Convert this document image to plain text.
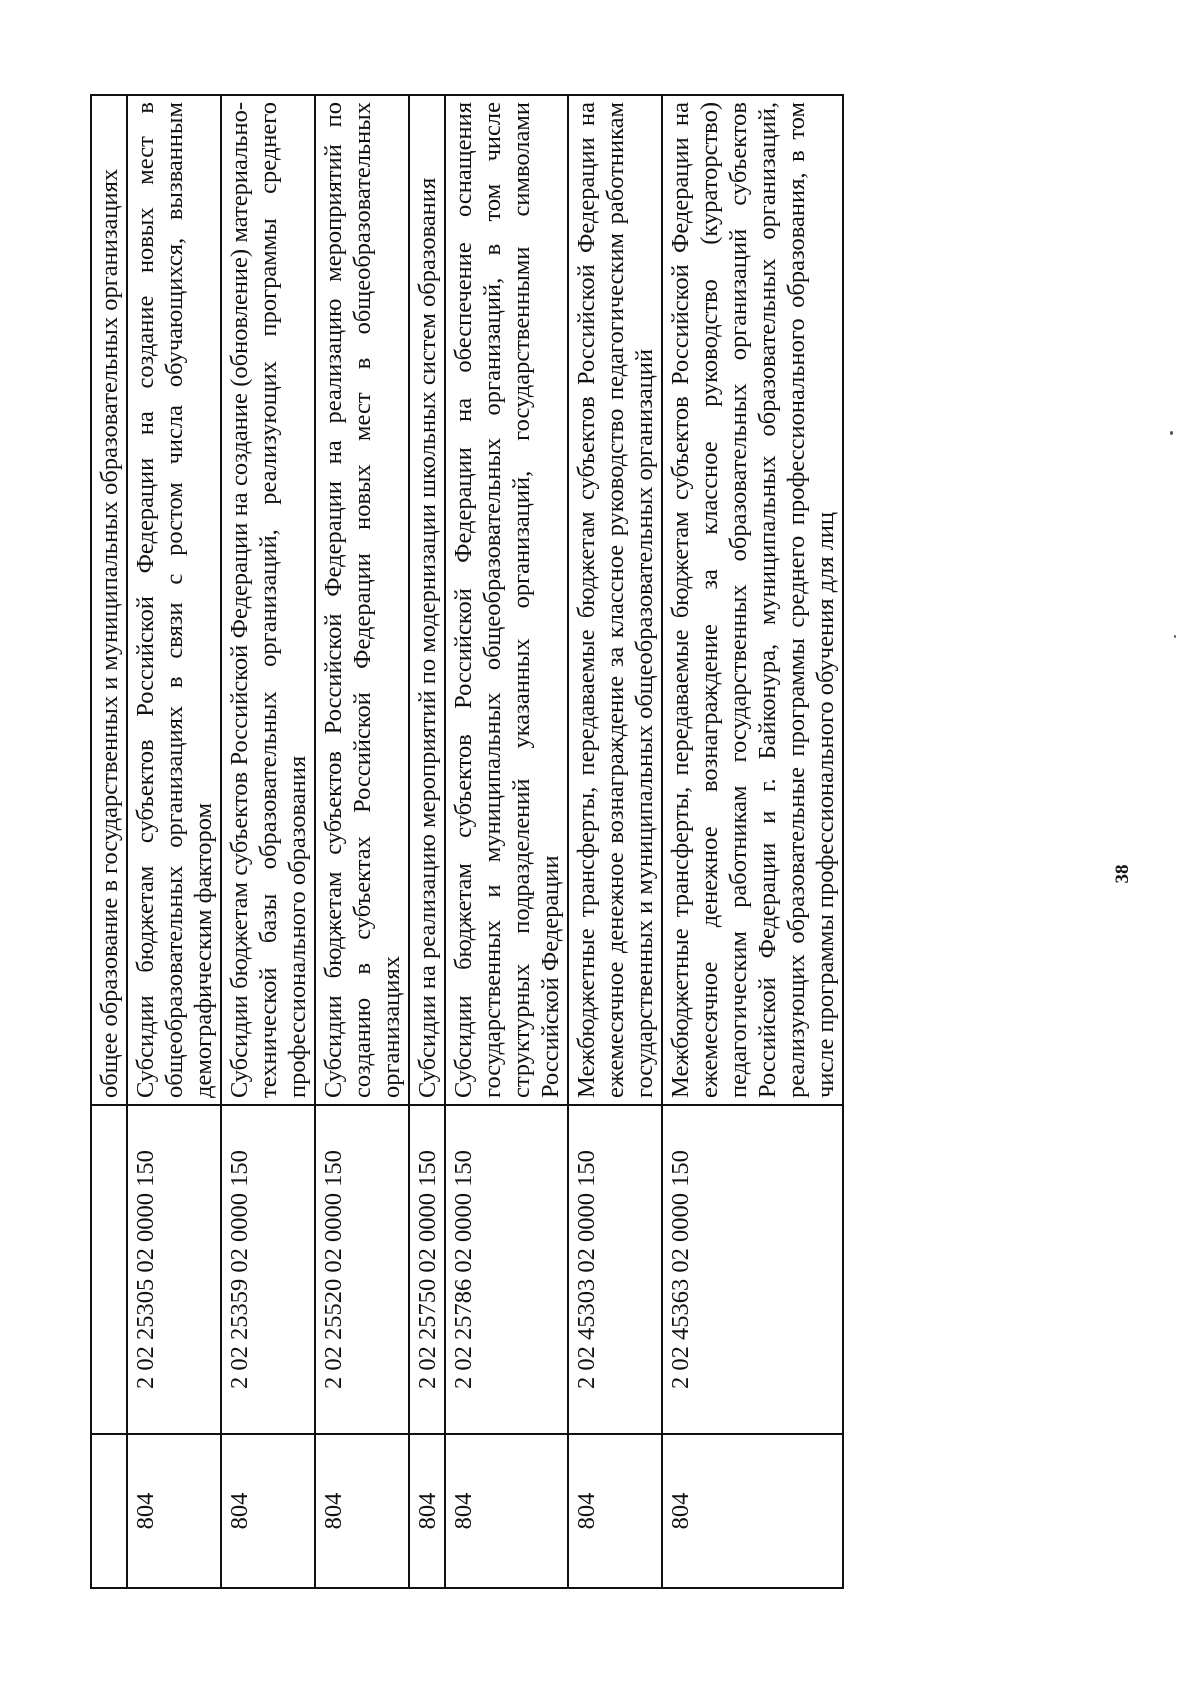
		общее образование в государственных и муниципальных образовательных организациях
804	2 02 25305 02 0000 150	Субсидии бюджетам субъектов Российской Федерации на создание новых мест в общеобразовательных организациях в связи с ростом числа обучающихся, вызванным демографическим фактором
804	2 02 25359 02 0000 150	Субсидии бюджетам субъектов Российской Федерации на создание (обновление) материально-технической базы образовательных организаций, реализующих программы среднего профессионального образования
804	2 02 25520 02 0000 150	Субсидии бюджетам субъектов Российской Федерации на реализацию мероприятий по созданию в субъектах Российской Федерации новых мест в общеобразовательных организациях
804	2 02 25750 02 0000 150	Субсидии на реализацию мероприятий по модернизации школьных систем образования
804	2 02 25786 02 0000 150	Субсидии бюджетам субъектов Российской Федерации на обеспечение оснащения государственных и муниципальных общеобразовательных организаций, в том числе структурных подразделений указанных организаций, государственными символами Российской Федерации
804	2 02 45303 02 0000 150	Межбюджетные трансферты, передаваемые бюджетам субъектов Российской Федерации на ежемесячное денежное вознаграждение за классное руководство педагогическим работникам государственных и муниципальных общеобразовательных организаций
804	2 02 45363 02 0000 150	Межбюджетные трансферты, передаваемые бюджетам субъектов Российской Федерации на ежемесячное денежное вознаграждение за классное руководство (кураторство) педагогическим работникам государственных образовательных организаций субъектов Российской Федерации и г. Байконура, муниципальных образовательных организаций, реализующих образовательные программы среднего профессионального образования, в том числе программы профессионального обучения для лиц	38
